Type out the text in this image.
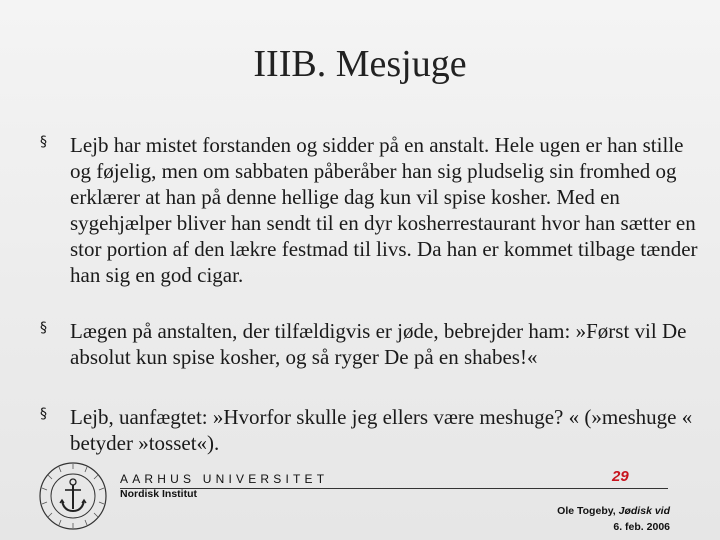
IIIB. Mesjuge
§ Lejb har mistet forstanden og sidder på en anstalt. Hele ugen er han stille og føjelig, men om sabbaten påberåber han sig pludselig sin fromhed og erklærer at han på denne hellige dag kun vil spise kosher. Med en sygehjælper bliver han sendt til en dyr kosherrestaurant hvor han sætter en stor portion af den lækre festmad til livs. Da han er kommet tilbage tænder han sig en god cigar.
§ Lægen på anstalten, der tilfældigvis er jøde, bebrejder ham: »Først vil De absolut kun spise kosher, og så ryger De på en shabes!«
§ Lejb, uanfægtet: »Hvorfor skulle jeg ellers være meshuge? « (»meshuge « betyder »tosset«).
AARHUS UNIVERSITET	29
Nordisk Institut
Ole Togeby, Jødisk vid
6. feb. 2006
